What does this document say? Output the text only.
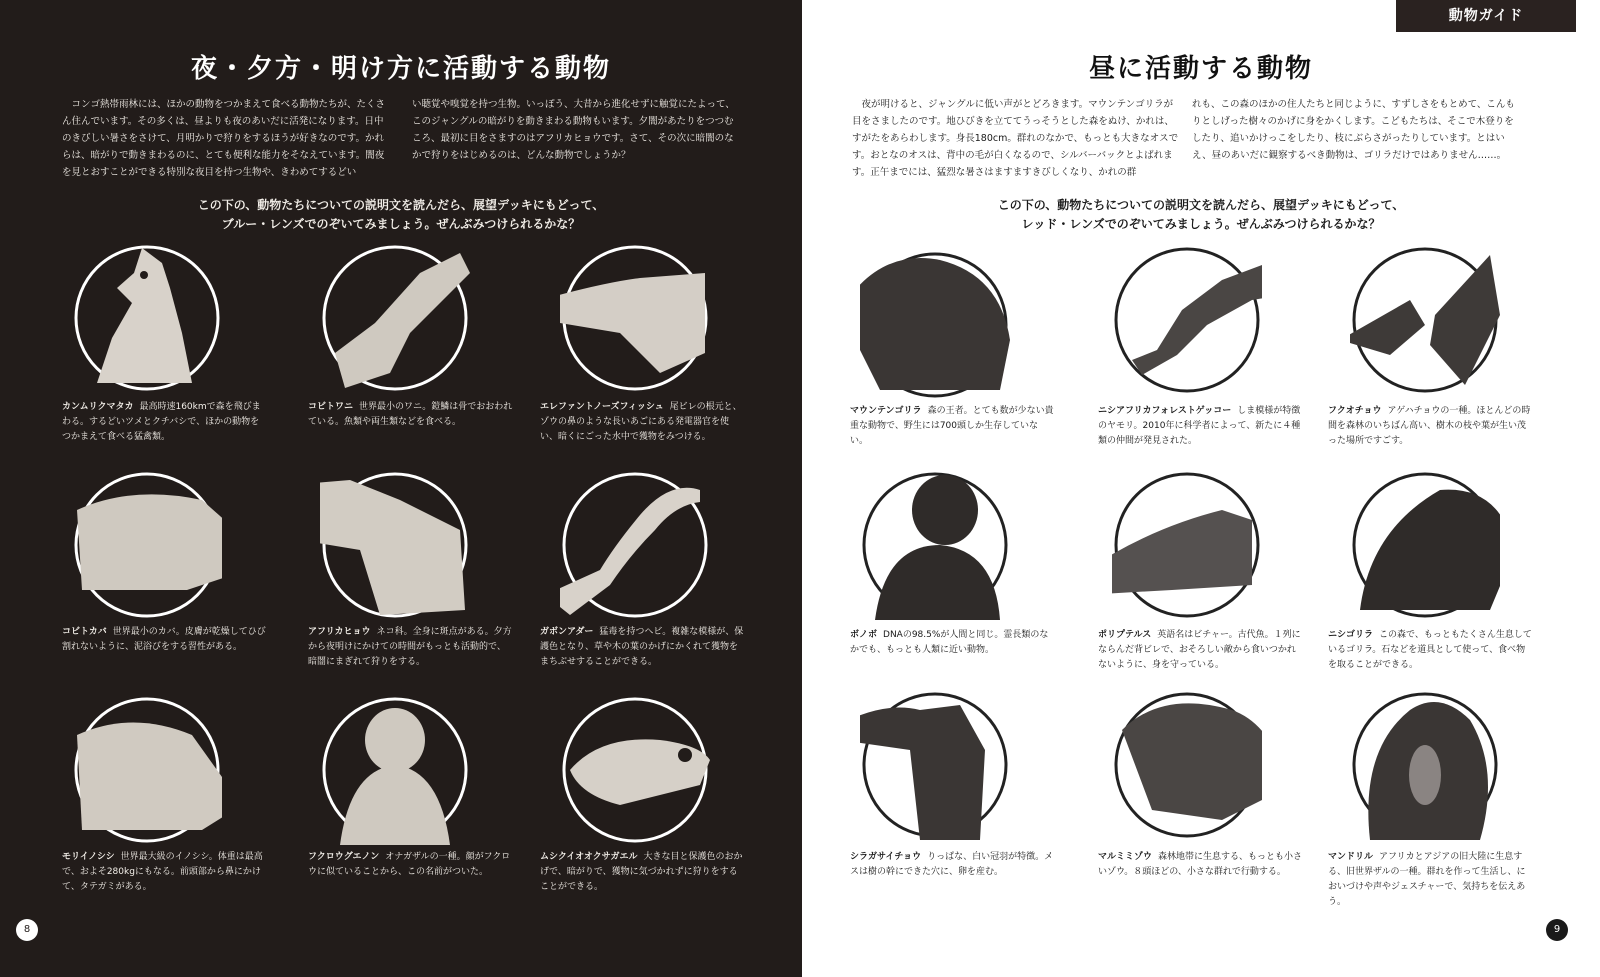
夜・夕方・明け方に活動する動物
コンゴ熱帯雨林には、ほかの動物をつかまえて食べる動物たちが、たくさん住んでいます。その多くは、昼よりも夜のあいだに活発になります。日中のきびしい暑さをさけて、月明かりで狩りをするほうが好きなのです。かれらは、暗がりで動きまわるのに、とても便利な能力をそなえています。闇夜を見とおすことができる特別な夜目を持つ生物や、きわめてするどい
い聴覚や嗅覚を持つ生物。いっぽう、大昔から進化せずに触覚にたよって、このジャングルの暗がりを動きまわる動物もいます。夕闇があたりをつつむころ、最初に目をさますのはアフリカヒョウです。さて、その次に暗闇のなかで狩りをはじめるのは、どんな動物でしょうか？
この下の、動物たちについての説明文を読んだら、展望デッキにもどって、
ブルー・レンズでのぞいてみましょう。ぜんぶみつけられるかな？
カンムリクマタカ 最高時速160kmで森を飛びまわる。するどいツメとクチバシで、ほかの動物をつかまえて食べる猛禽類。
コビトワニ 世界最小のワニ。鎧鱗は骨でおおわれている。魚類や両生類などを食べる。
エレファントノーズフィッシュ 尾ビレの根元と、ゾウの鼻のような長いあごにある発電器官を使い、暗くにごった水中で獲物をみつける。
コビトカバ 世界最小のカバ。皮膚が乾燥してひび割れないように、泥浴びをする習性がある。
アフリカヒョウ ネコ科。全身に斑点がある。夕方から夜明けにかけての時間がもっとも活動的で、暗闇にまぎれて狩りをする。
ガボンアダー 猛毒を持つヘビ。複雑な模様が、保護色となり、草や木の葉のかげにかくれて獲物をまちぶせすることができる。
モリイノシシ 世界最大級のイノシシ。体重は最高で、およそ280kgにもなる。前頭部から鼻にかけて、タテガミがある。
フクロウグエノン オナガザルの一種。顔がフクロウに似ていることから、この名前がついた。
ムシクイオオクサガエル 大きな目と保護色のおかげで、暗がりで、獲物に気づかれずに狩りをすることができる。
8
動物ガイド
昼に活動する動物
夜が明けると、ジャングルに低い声がとどろきます。マウンテンゴリラが目をさましたのです。地ひびきを立ててうっそうとした森をぬけ、かれは、すがたをあらわします。身長180cm。群れのなかで、もっとも大きなオスです。おとなのオスは、背中の毛が白くなるので、シルバーバックとよばれます。正午までには、猛烈な暑さはますますきびしくなり、かれの群
れも、この森のほかの住人たちと同じように、すずしさをもとめて、こんもりとしげった樹々のかげに身をかくします。こどもたちは、そこで木登りをしたり、追いかけっこをしたり、枝にぶらさがったりしています。とはいえ、昼のあいだに観察するべき動物は、ゴリラだけではありません……。
この下の、動物たちについての説明文を読んだら、展望デッキにもどって、
レッド・レンズでのぞいてみましょう。ぜんぶみつけられるかな？
マウンテンゴリラ 森の王者。とても数が少ない貴重な動物で、野生には700頭しか生存していない。
ニシアフリカフォレストゲッコー しま模様が特徴のヤモリ。2010年に科学者によって、新たに４種類の仲間が発見された。
フクオチョウ アゲハチョウの一種。ほとんどの時間を森林のいちばん高い、樹木の枝や葉が生い茂った場所ですごす。
ボノボ DNAの98.5%が人間と同じ。霊長類のなかでも、もっとも人類に近い動物。
ポリプテルス 英語名はビチャー。古代魚。１列にならんだ背ビレで、おそろしい敵から食いつかれないように、身を守っている。
ニシゴリラ この森で、もっともたくさん生息しているゴリラ。石などを道具として使って、食べ物を取ることができる。
シラガサイチョウ りっぱな、白い冠羽が特徴。メスは樹の幹にできた穴に、卵を産む。
マルミミゾウ 森林地帯に生息する、もっとも小さいゾウ。８頭ほどの、小さな群れで行動する。
マンドリル アフリカとアジアの旧大陸に生息する、旧世界ザルの一種。群れを作って生活し、においづけや声やジェスチャーで、気持ちを伝えあう。
9
